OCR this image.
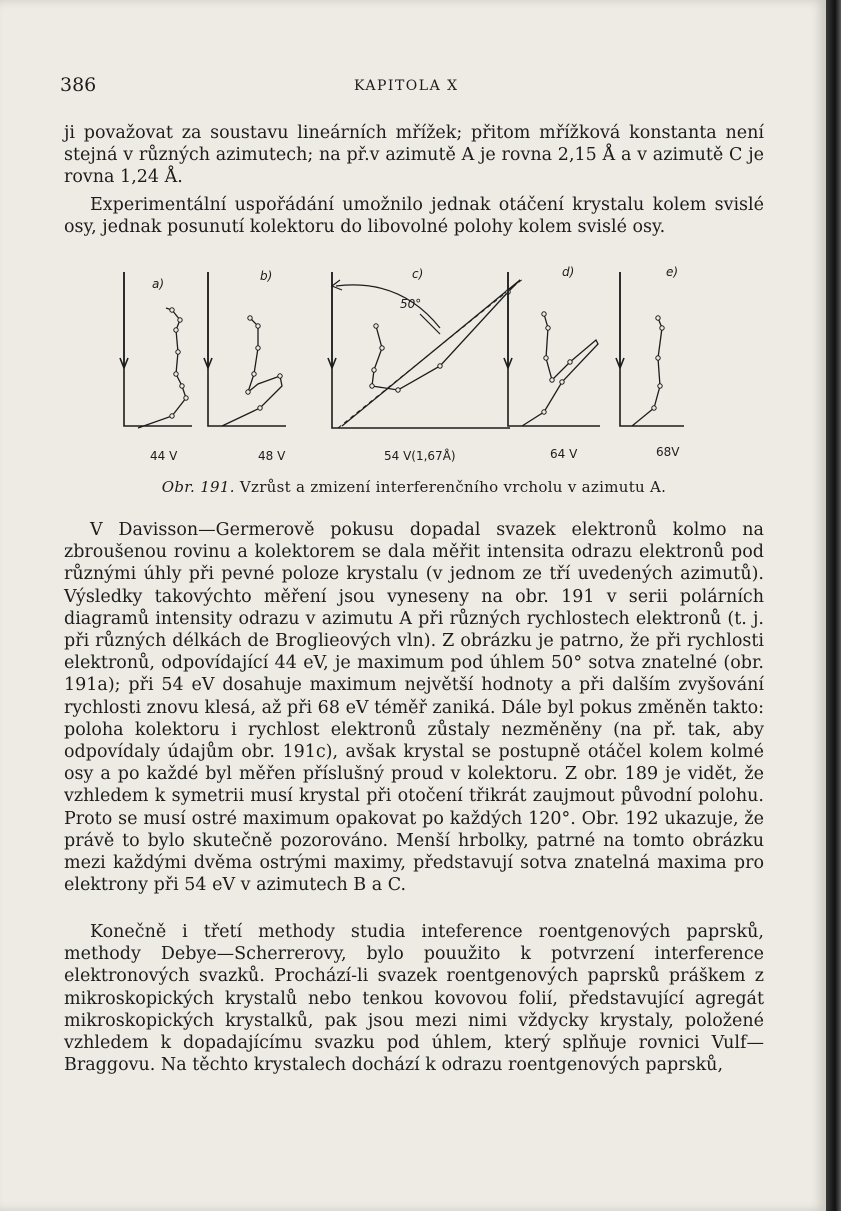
386	KAPITOLA X

ji považovat za soustavu lineárních mřížek; přitom mřížková konstanta není stejná v různých azimutech; na př.v azimutě A je rovna 2,15 Å a v azimutě C je rovna 1,24 Å.

Experimentální uspořádání umožnilo jednak otáčení krystalu kolem svislé osy, jednak posunutí kolektoru do libovolné polohy kolem svislé osy.

a)
b)	c)	d)	e)
50°
44 V	48 V	54 V(1,67Å)	64 V	68V
Obr. 191. Vzrůst a zmizení interferenčního vrcholu v azimutu A.

V Davisson—Germerově pokusu dopadal svazek elektronů kolmo na zbroušenou rovinu a kolektorem se dala měřit intensita odrazu elektronů pod různými úhly při pevné poloze krystalu (v jednom ze tří uvedených azimutů). Výsledky takovýchto měření jsou vyneseny na obr. 191 v serii polárních diagramů intensity odrazu v azimutu A při různých rychlostech elektronů (t. j. při různých délkách de Broglieových vln). Z obrázku je patrno, že při rychlosti elektronů, odpovídající 44 eV, je maximum pod úhlem 50° sotva znatelné (obr. 191a); při 54 eV dosahuje maximum největší hodnoty a při dalším zvyšování rychlosti znovu klesá, až při 68 eV téměř zaniká. Dále byl pokus změněn takto: poloha kolektoru i rychlost elektronů zůstaly nezměněny (na př. tak, aby odpovídaly údajům obr. 191c), avšak krystal se postupně otáčel kolem kolmé osy a po každé byl měřen příslušný proud v kolektoru. Z obr. 189 je vidět, že vzhledem k symetrii musí krystal při otočení třikrát zaujmout původní polohu. Proto se musí ostré maximum opakovat po každých 120°. Obr. 192 ukazuje, že právě to bylo skutečně pozorováno. Menší hrbolky, patrné na tomto obrázku mezi každými dvěma ostrými maximy, představují sotva znatelná maxima pro elektrony při 54 eV v azimutech B a C.

Konečně i třetí methody studia inteference roentgenových paprsků, methody Debye—Scherrerovy, bylo pouužito k potvrzení interference elektronových svazků. Prochází-li svazek roentgenových paprsků práškem z mikroskopických krystalů nebo tenkou kovovou folií, představující agregát mikroskopických krystalků, pak jsou mezi nimi vždycky krystaly, položené vzhledem k dopadajícímu svazku pod úhlem, který splňuje rovnici Vulf—Braggovu. Na těchto krystalech dochází k odrazu roentgenových paprsků,
